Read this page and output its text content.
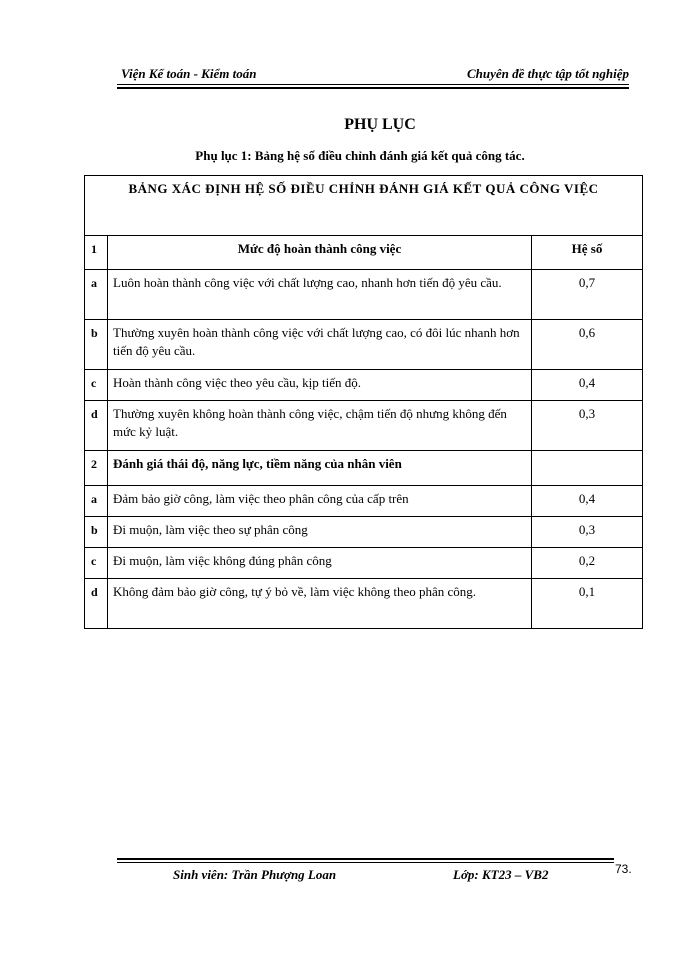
Viện Kế toán - Kiểm toán	Chuyên đề thực tập tốt nghiệp
PHỤ LỤC
Phụ lục 1: Bảng hệ số điều chỉnh đánh giá kết quả công tác.
BẢNG XÁC ĐỊNH HỆ SỐ ĐIỀU CHỈNH ĐÁNH GIÁ KẾT QUẢ CÔNG VIỆC		
1	Mức độ hoàn thành công việc	Hệ số
a	Luôn hoàn thành công việc với chất lượng cao, nhanh hơn tiến độ yêu cầu.	0,7
b	Thường xuyên hoàn thành công việc với chất lượng cao, có đôi lúc nhanh hơn tiến độ yêu cầu.	0,6
c	Hoàn thành công việc theo yêu cầu, kịp tiến độ.	0,4
d	Thường xuyên không hoàn thành công việc, chậm tiến độ nhưng không đến mức kỷ luật.	0,3
2	Đánh giá thái độ, năng lực, tiềm năng của nhân viên	
a	Đảm bảo giờ công, làm việc theo phân công của cấp trên	0,4
b	Đi muộn, làm việc theo sự phân công	0,3
c	Đi muộn, làm việc không đúng phân công	0,2
d	Không đảm bảo giờ công, tự ý bỏ về, làm việc không theo phân công.	0,1
Sinh viên: Trần Phượng Loan	Lớp: KT23 – VB2	73.
